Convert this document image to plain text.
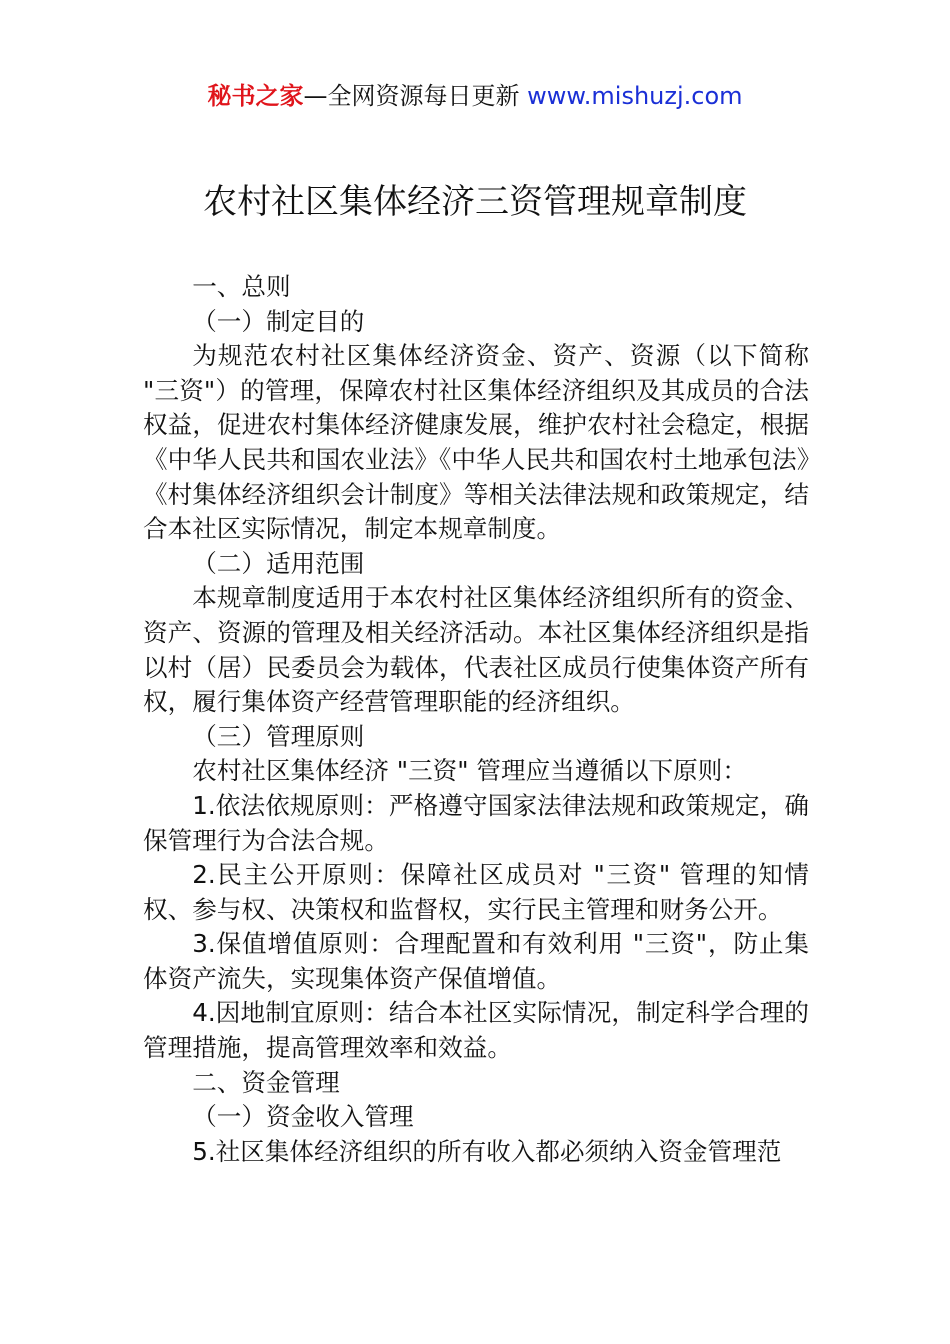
秘书之家—全网资源每日更新 www.mishuzj.com
农村社区集体经济三资管理规章制度

一、总则

（一）制定目的

为规范农村社区集体经济资金、资产、资源（以下简称 "三资"）的管理，保障农村社区集体经济组织及其成员的合法权益，促进农村集体经济健康发展，维护农村社会稳定，根据《中华人民共和国农业法》《中华人民共和国农村土地承包法》《村集体经济组织会计制度》等相关法律法规和政策规定，结合本社区实际情况，制定本规章制度。

（二）适用范围

本规章制度适用于本农村社区集体经济组织所有的资金、资产、资源的管理及相关经济活动。本社区集体经济组织是指以村（居）民委员会为载体，代表社区成员行使集体资产所有权，履行集体资产经营管理职能的经济组织。

（三）管理原则

农村社区集体经济 "三资" 管理应当遵循以下原则：

1.依法依规原则：严格遵守国家法律法规和政策规定，确保管理行为合法合规。

2.民主公开原则：保障社区成员对 "三资" 管理的知情权、参与权、决策权和监督权，实行民主管理和财务公开。

3.保值增值原则：合理配置和有效利用 "三资"，防止集体资产流失，实现集体资产保值增值。

4.因地制宜原则：结合本社区实际情况，制定科学合理的管理措施，提高管理效率和效益。

二、资金管理

（一）资金收入管理

5.社区集体经济组织的所有收入都必须纳入资金管理范
